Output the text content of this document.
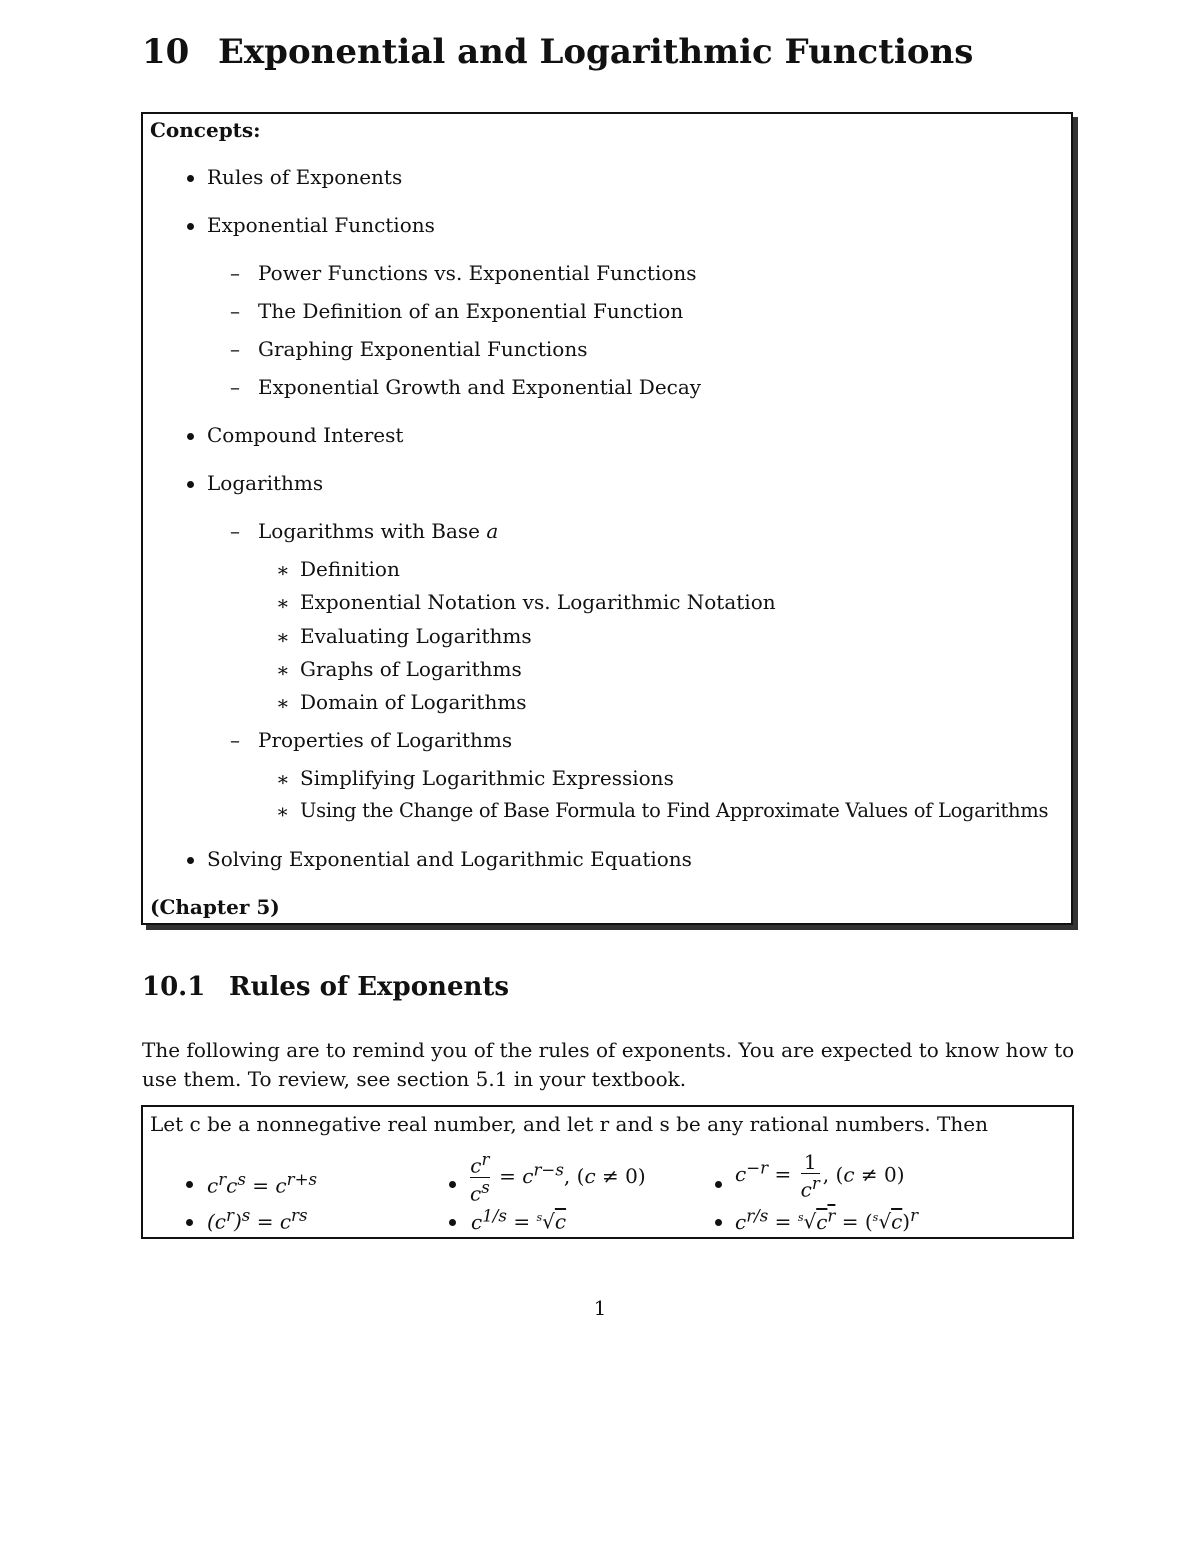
10 Exponential and Logarithmic Functions
Concepts:
Rules of Exponents
Exponential Functions
– Power Functions vs. Exponential Functions
– The Definition of an Exponential Function
– Graphing Exponential Functions
– Exponential Growth and Exponential Decay
Compound Interest
Logarithms
– Logarithms with Base a
∗ Definition
∗ Exponential Notation vs. Logarithmic Notation
∗ Evaluating Logarithms
∗ Graphs of Logarithms
∗ Domain of Logarithms
– Properties of Logarithms
∗ Simplifying Logarithmic Expressions
∗ Using the Change of Base Formula to Find Approximate Values of Logarithms
Solving Exponential and Logarithmic Equations
(Chapter 5)
10.1 Rules of Exponents
The following are to remind you of the rules of exponents. You are expected to know how to use them. To review, see section 5.1 in your textbook.
Let c be a nonnegative real number, and let r and s be any rational numbers. Then
$c^rc^s = c^{r+s}$	$\frac{c^r}{c^s} = c^{r-s}$, (c ≠ 0)	$c^{-r} = \frac{1}{c^r}$ , (c ≠ 0)
$(c^r)^s = c^{rs}$	$c^{1/s} = ^s√c$	$c^{r/s} = ^s√c^r = (^s√c)^r$
1
